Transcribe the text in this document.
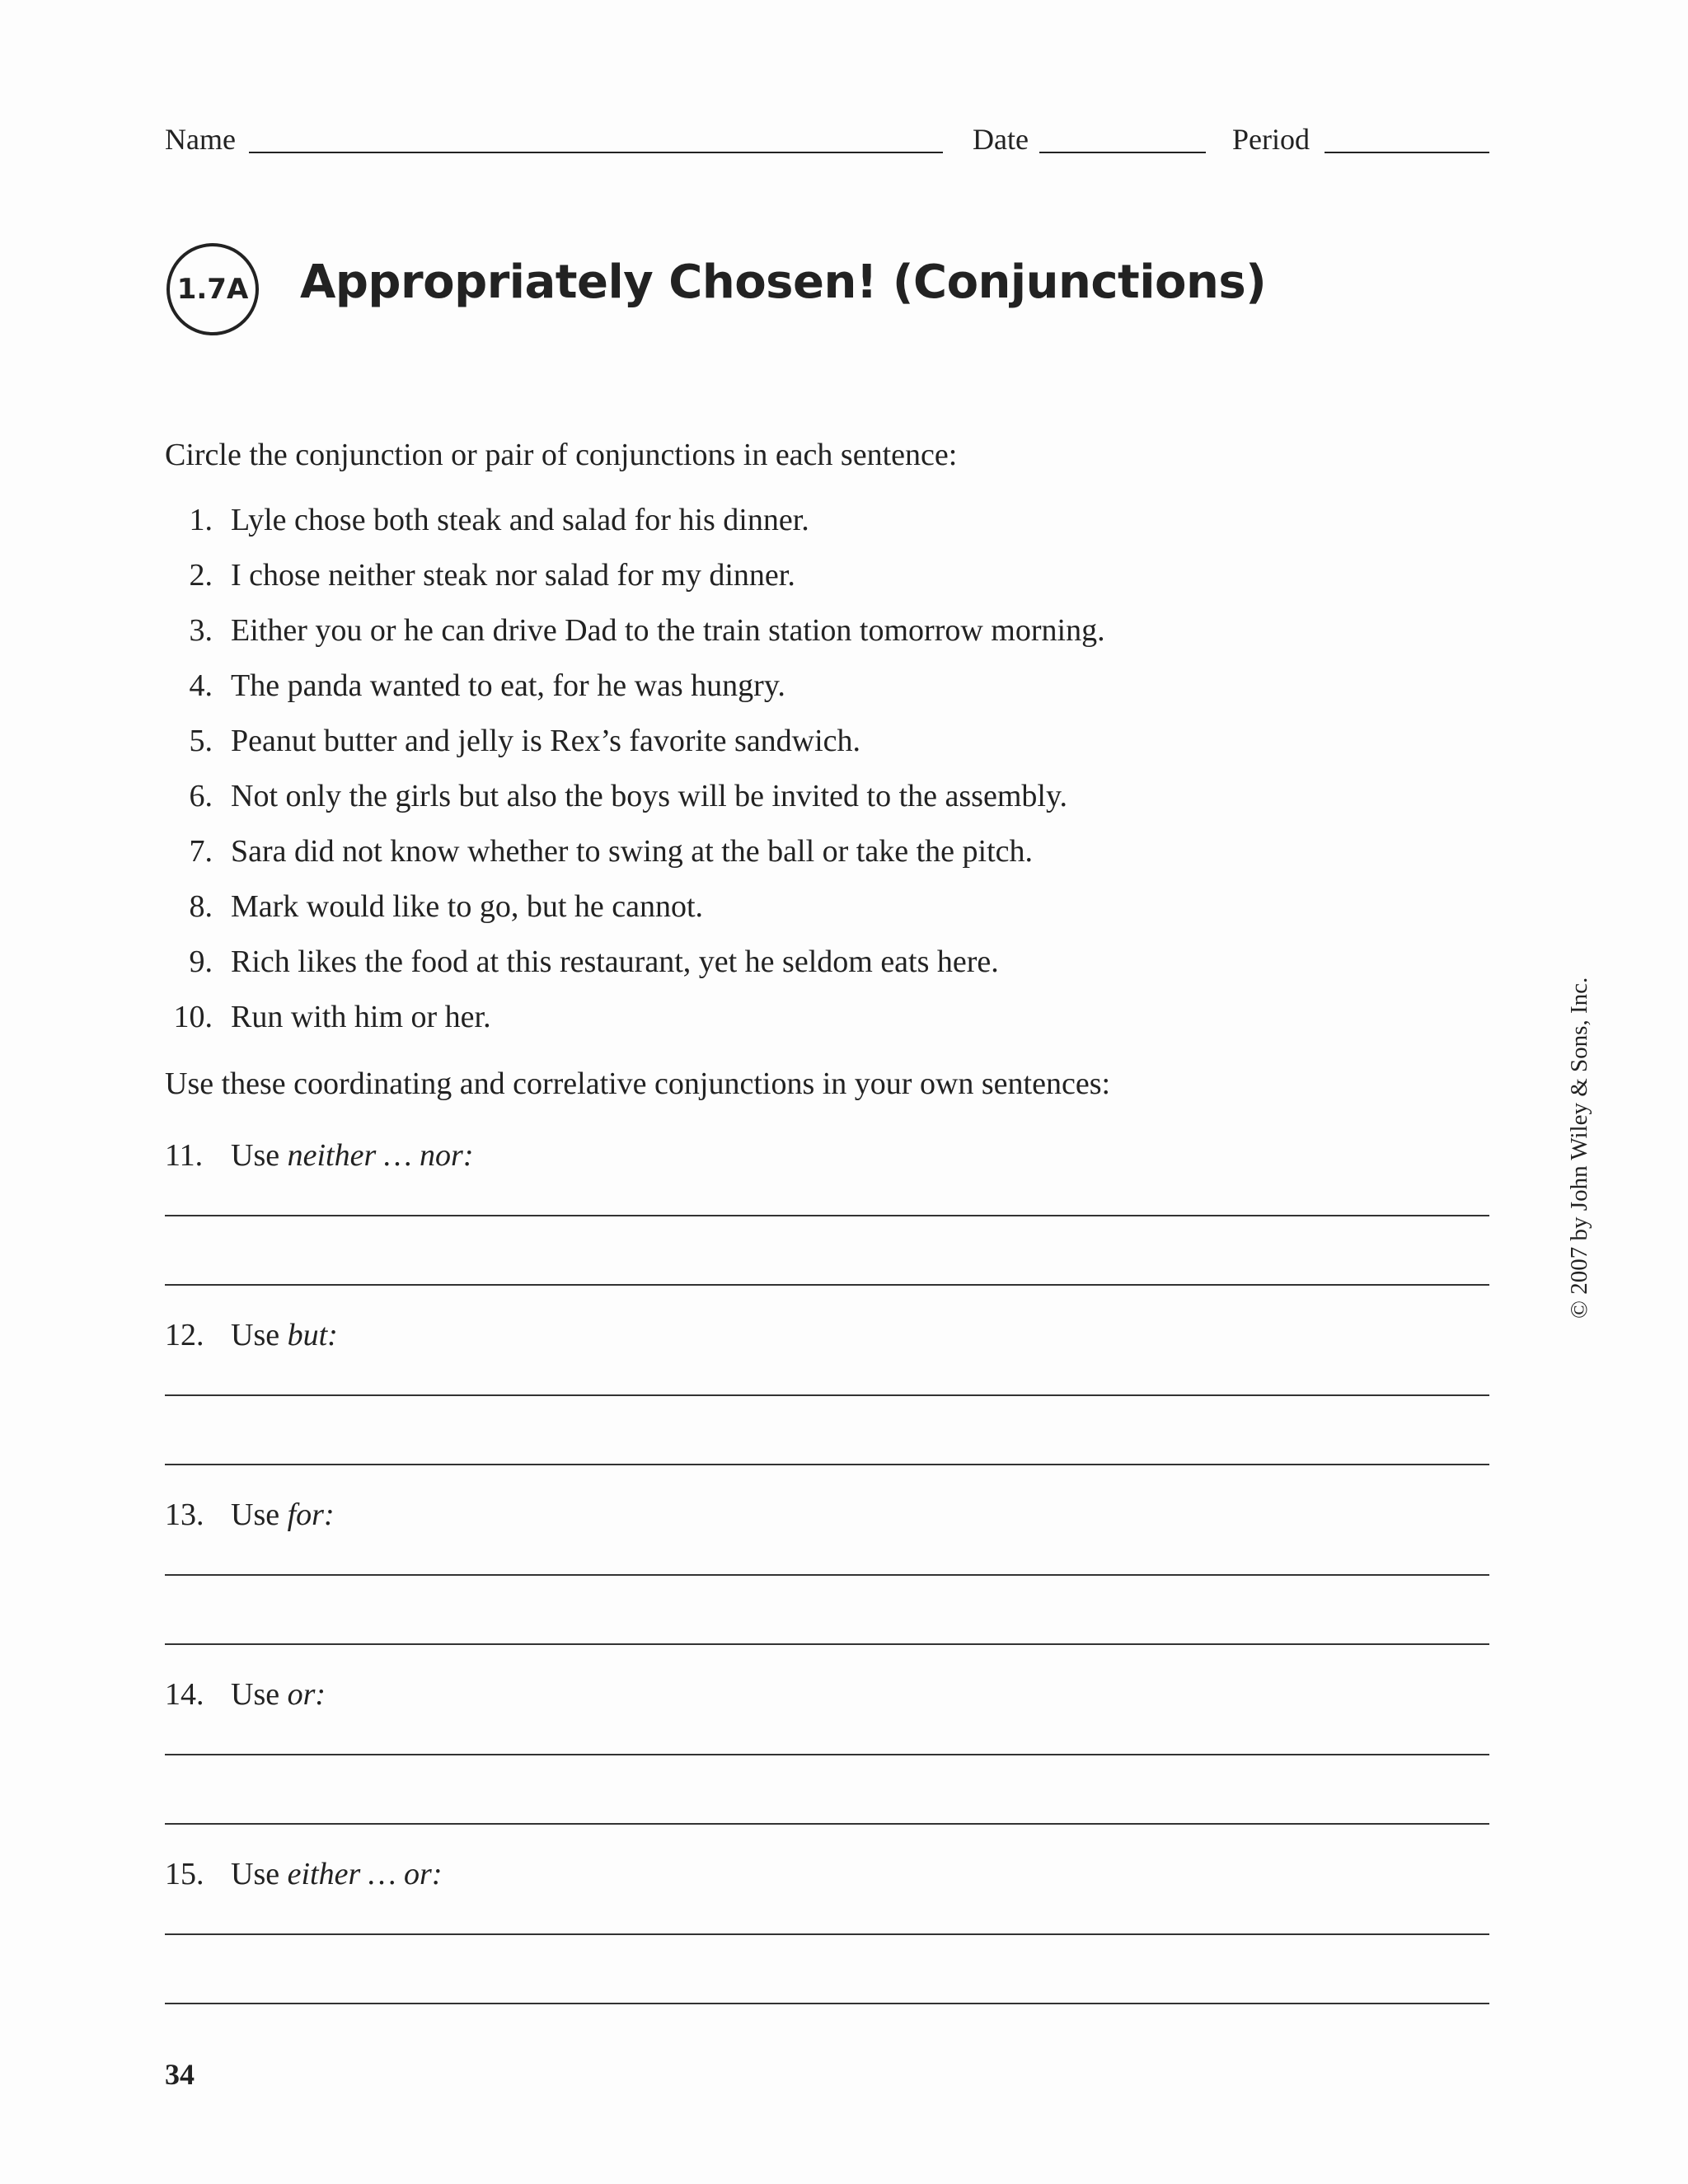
Name	Date	Period
1.7A Appropriately Chosen! (Conjunctions)
Circle the conjunction or pair of conjunctions in each sentence:
1. Lyle chose both steak and salad for his dinner.
2. I chose neither steak nor salad for my dinner.
3. Either you or he can drive Dad to the train station tomorrow morning.
4. The panda wanted to eat, for he was hungry.
5. Peanut butter and jelly is Rex’s favorite sandwich.
6. Not only the girls but also the boys will be invited to the assembly.
7. Sara did not know whether to swing at the ball or take the pitch.
8. Mark would like to go, but he cannot.
9. Rich likes the food at this restaurant, yet he seldom eats here.
10. Run with him or her.
Use these coordinating and correlative conjunctions in your own sentences:
11. Use neither … nor:
12. Use but:
13. Use for:
14. Use or:
15. Use either … or:
© 2007 by John Wiley & Sons, Inc.
34
